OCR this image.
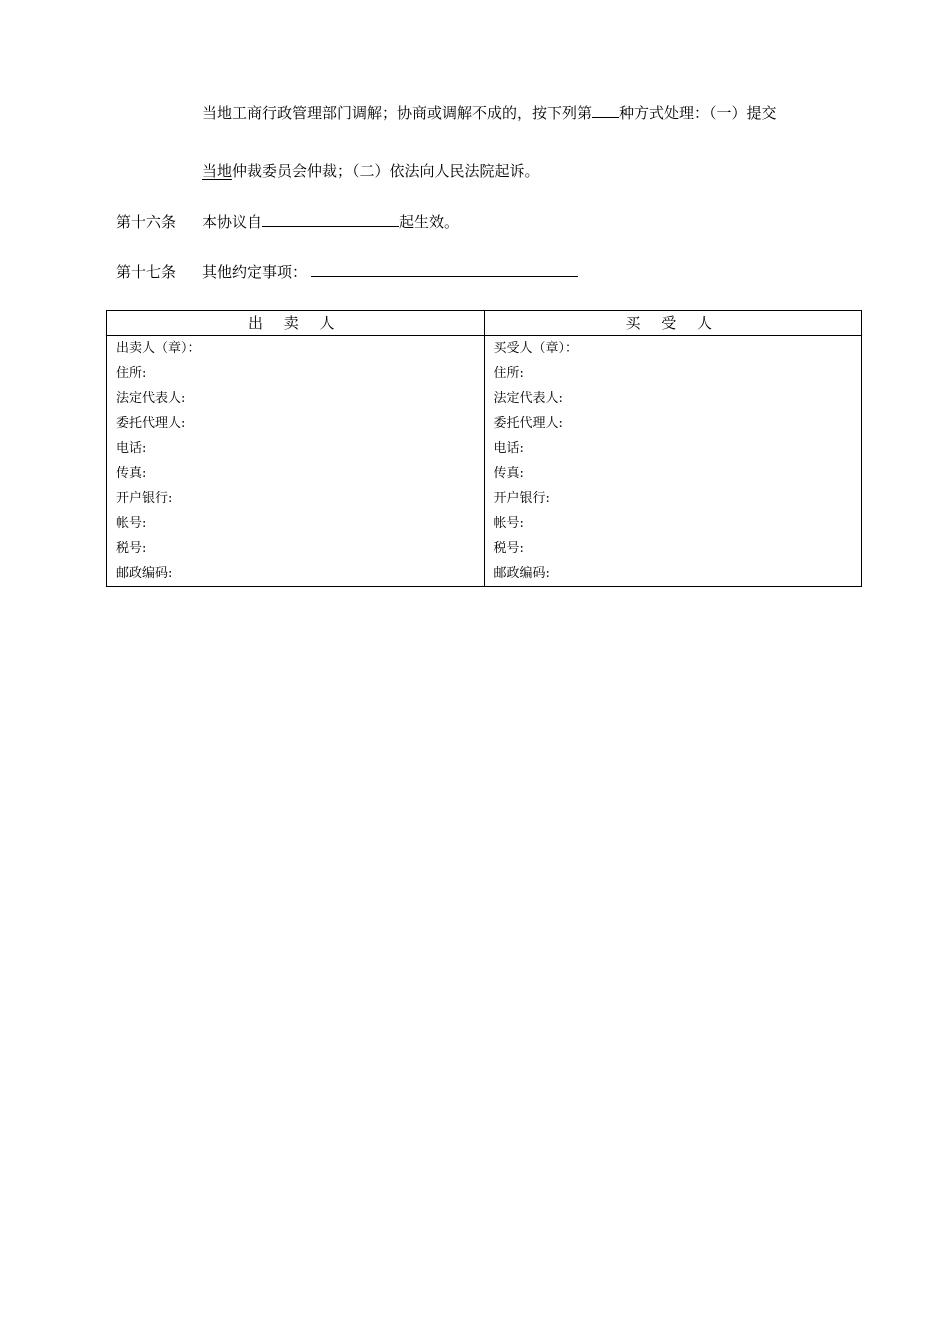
当地工商行政管理部门调解；协商或调解不成的，按下列第 种方式处理：（一）提交
当地仲裁委员会仲裁；（二）依法向人民法院起诉。
第十六条 本协议自	起生效。
第十七条 其他约定事项：
出 卖 人	买 受 人
出卖人（章）：	买受人（章）：
住所:	住所:
法定代表人:	法定代表人:
委托代理人:	委托代理人:
电话:	电话:
传真:	传真:
开户银行:	开户银行:
帐号:	帐号:
税号:	税号:
邮政编码:	邮政编码:
